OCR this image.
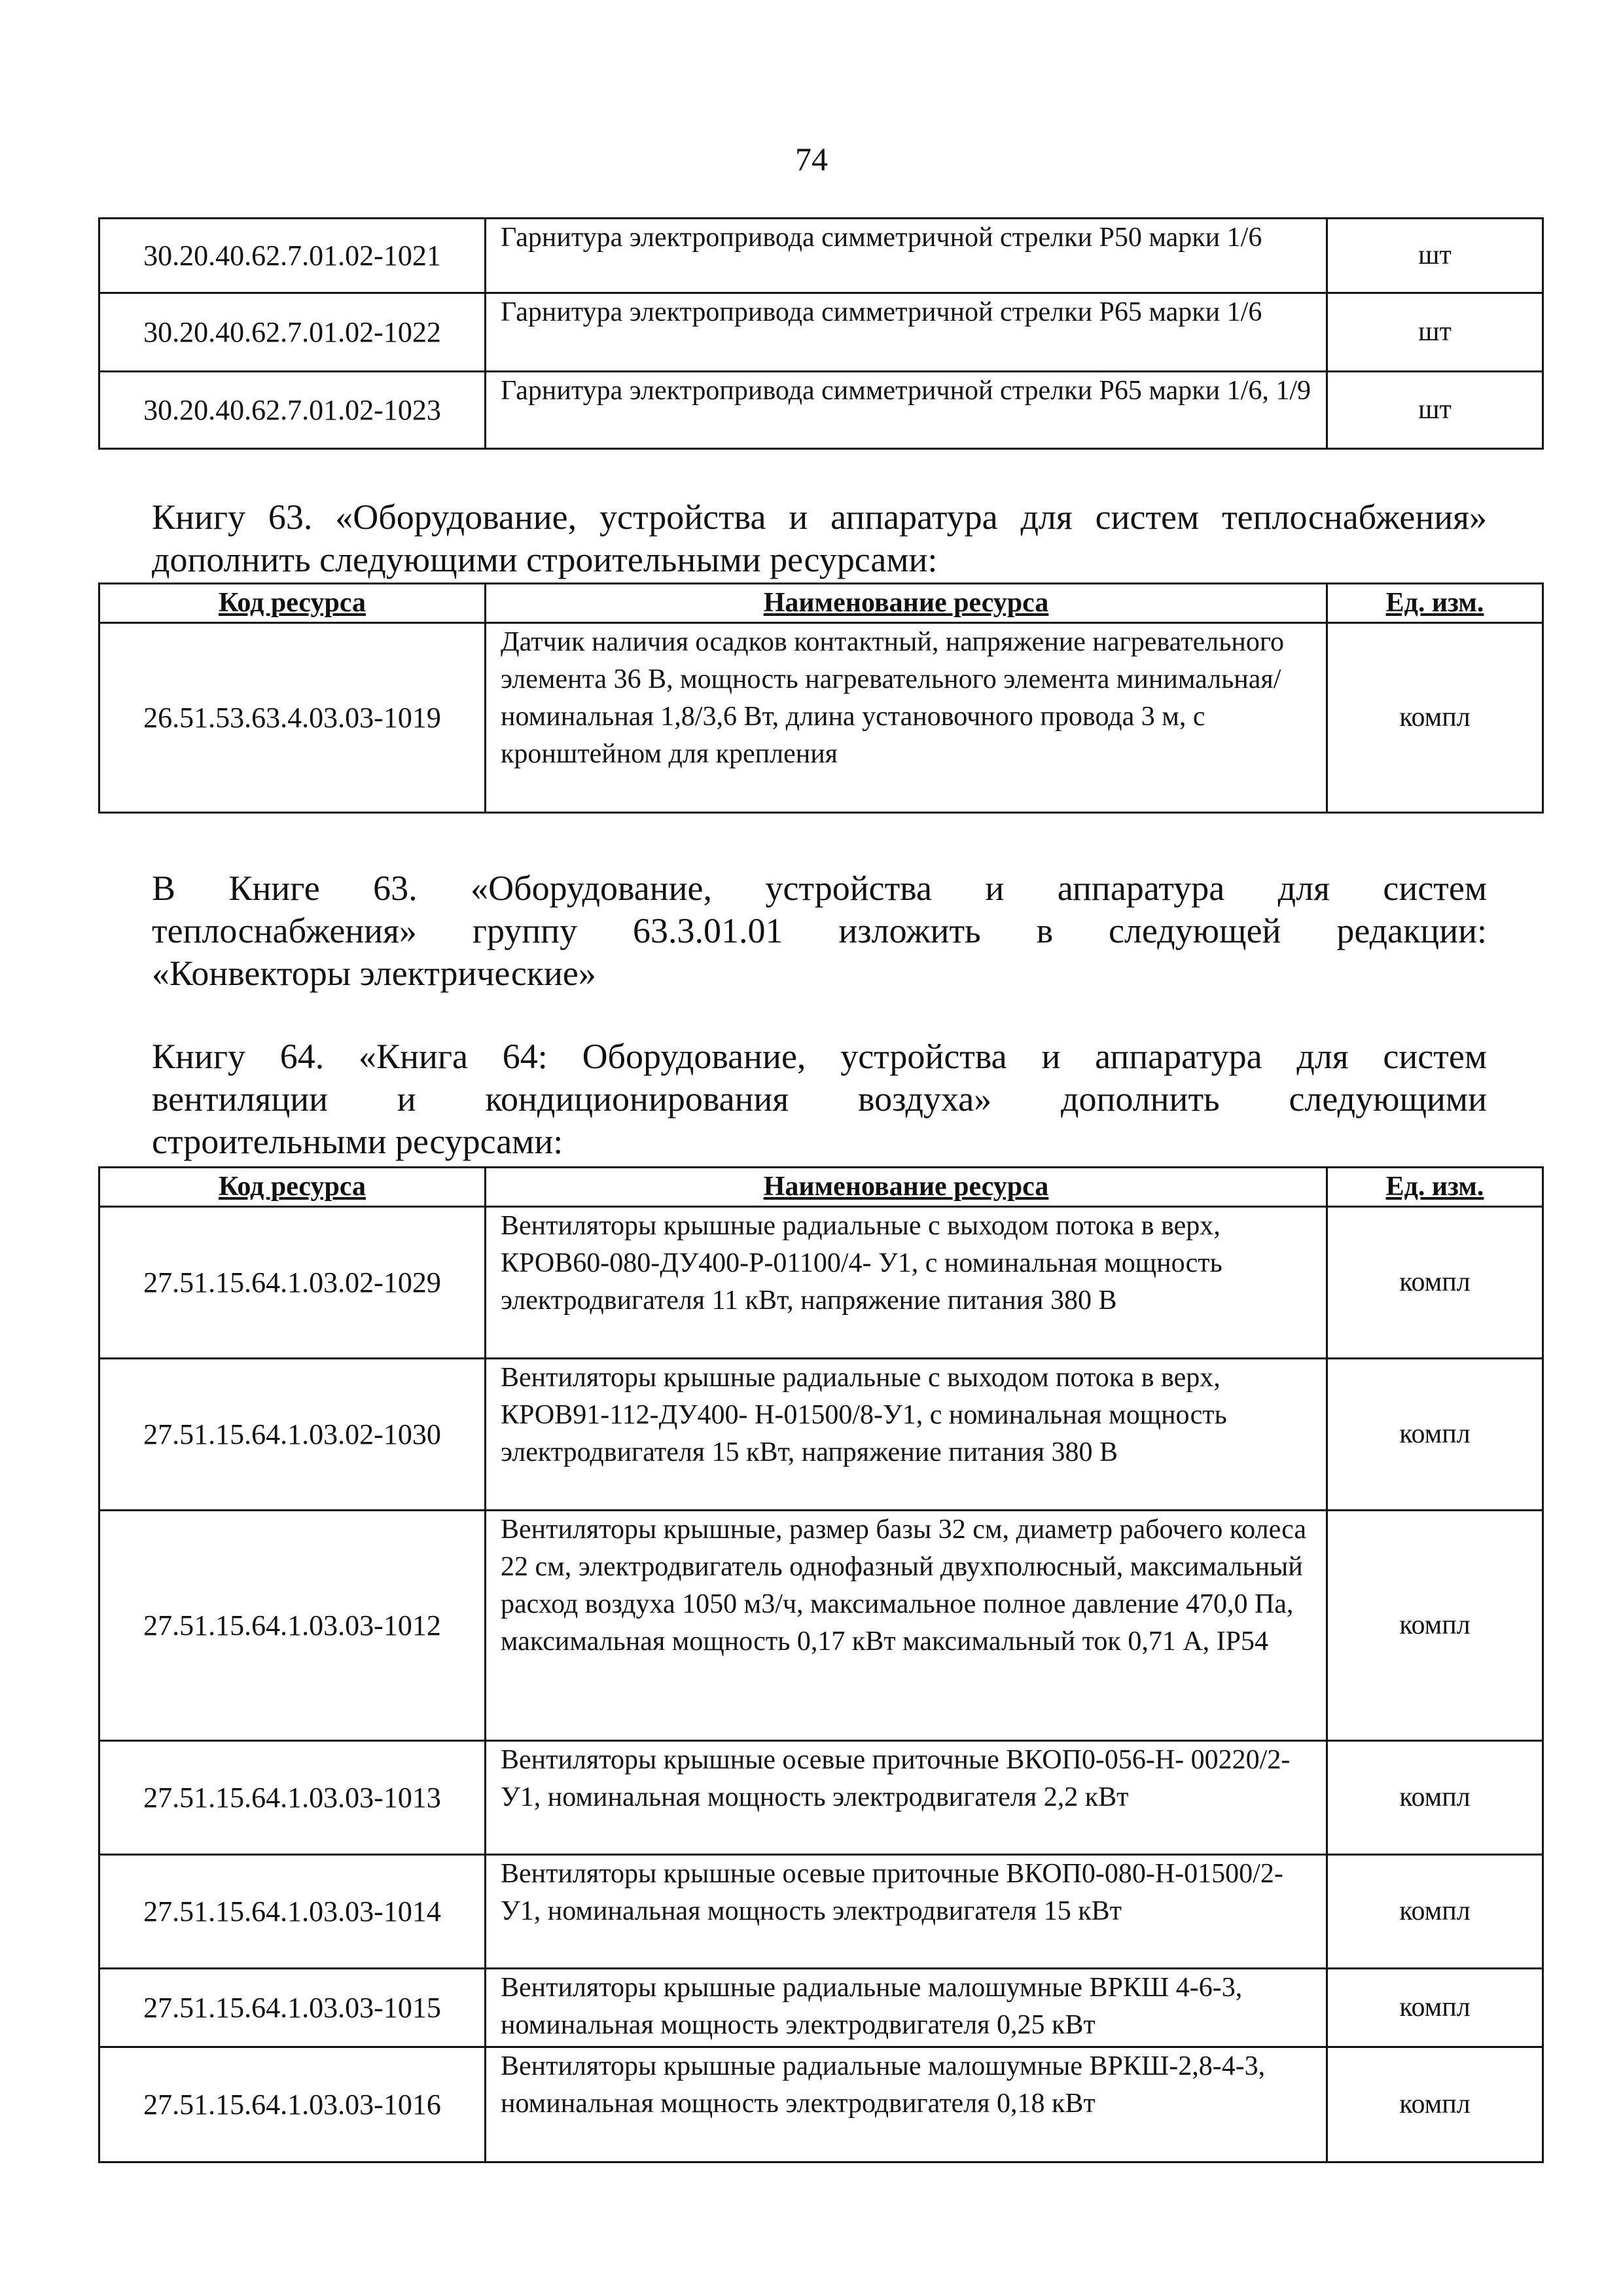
74
30.20.40.62.7.01.02-1021	Гарнитура электропривода симметричной стрелки Р50 марки 1/6	шт
30.20.40.62.7.01.02-1022	Гарнитура электропривода симметричной стрелки Р65 марки 1/6	шт
30.20.40.62.7.01.02-1023	Гарнитура электропривода симметричной стрелки Р65 марки 1/6, 1/9	шт
Книгу 63. «Оборудование, устройства и аппаратура для систем теплоснабжения»
дополнить следующими строительными ресурсами:
Код ресурса	Наименование ресурса	Ед. изм.
26.51.53.63.4.03.03-1019	Датчик наличия осадков контактный, напряжение нагревательного элемента 36 В, мощность нагревательного элемента минимальная/номинальная 1,8/3,6 Вт, длина установочного провода 3 м, с кронштейном для крепления	компл
В Книге 63. «Оборудование, устройства и аппаратура для систем
теплоснабжения» группу 63.3.01.01 изложить в следующей редакции:
«Конвекторы электрические»
Книгу 64. «Книга 64: Оборудование, устройства и аппаратура для систем
вентиляции и кондиционирования воздуха» дополнить следующими
строительными ресурсами:
Код ресурса	Наименование ресурса	Ед. изм.
27.51.15.64.1.03.02-1029	Вентиляторы крышные радиальные с выходом потока в верх, КРОВ60-080-ДУ400-Р-01100/4- У1, с номинальная мощность электродвигателя 11 кВт, напряжение питания 380 В	компл
27.51.15.64.1.03.02-1030	Вентиляторы крышные радиальные с выходом потока в верх, КРОВ91-112-ДУ400- Н-01500/8-У1, с номинальная мощность электродвигателя 15 кВт, напряжение питания 380 В	компл
27.51.15.64.1.03.03-1012	Вентиляторы крышные, размер базы 32 см, диаметр рабочего колеса 22 см, электродвигатель однофазный двухполюсный, максимальный расход воздуха 1050 м3/ч, максимальное полное давление 470,0 Па, максимальная мощность 0,17 кВт максимальный ток 0,71 А, IP54	компл
27.51.15.64.1.03.03-1013	Вентиляторы крышные осевые приточные ВКОП0-056-Н- 00220/2-У1, номинальная мощность электродвигателя 2,2 кВт	компл
27.51.15.64.1.03.03-1014	Вентиляторы крышные осевые приточные ВКОП0-080-Н-01500/2-У1, номинальная мощность электродвигателя 15 кВт	компл
27.51.15.64.1.03.03-1015	Вентиляторы крышные радиальные малошумные ВРКШ 4-6-3, номинальная мощность электродвигателя 0,25 кВт	компл
27.51.15.64.1.03.03-1016	Вентиляторы крышные радиальные малошумные ВРКШ-2,8-4-3, номинальная мощность электродвигателя 0,18 кВт	компл
